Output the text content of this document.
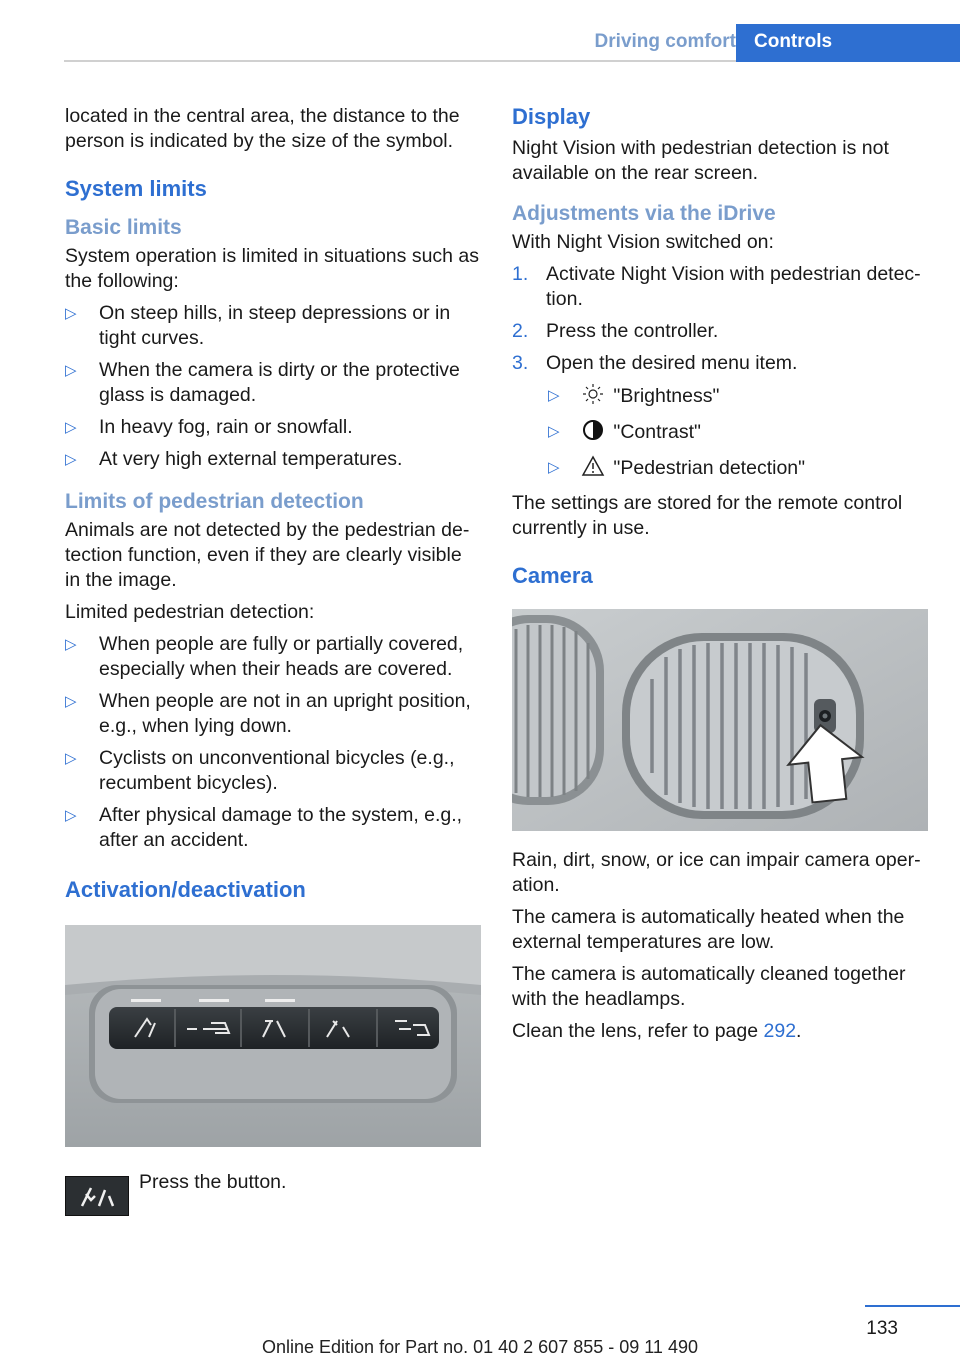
Driving comfort Controls

located in the central area, the distance to the person is indicated by the size of the symbol.

System limits
Basic limits

System operation is limited in situations such as the following:

▷ On steep hills, in steep depressions or in tight curves.
▷ When the camera is dirty or the protective glass is damaged.
▷ In heavy fog, rain or snowfall.
▷ At very high external temperatures.
Limits of pedestrian detection

Animals are not detected by the pedestrian de-tection function, even if they are clearly visible in the image.

Limited pedestrian detection:

▷ When people are fully or partially covered, especially when their heads are covered.
▷ When people are not in an upright position, e.g., when lying down.
▷ Cyclists on unconventional bicycles (e.g., recumbent bicycles).
▷ After physical damage to the system, e.g., after an accident.
Activation/deactivation
Press the button.
Display

Night Vision with pedestrian detection is not available on the rear screen.

Adjustments via the iDrive

With Night Vision switched on:

1. Activate Night Vision with pedestrian detec-tion.
2. Press the controller.
3. Open the desired menu item.
▷	"Brightness"
▷	"Contrast"
▷	"Pedestrian detection"

The settings are stored for the remote control currently in use.

Camera

Rain, dirt, snow, or ice can impair camera oper-ation.

The camera is automatically heated when the external temperatures are low.

The camera is automatically cleaned together with the headlamps.

Clean the lens, refer to page 292.

133
Online Edition for Part no. 01 40 2 607 855 - 09 11 490
